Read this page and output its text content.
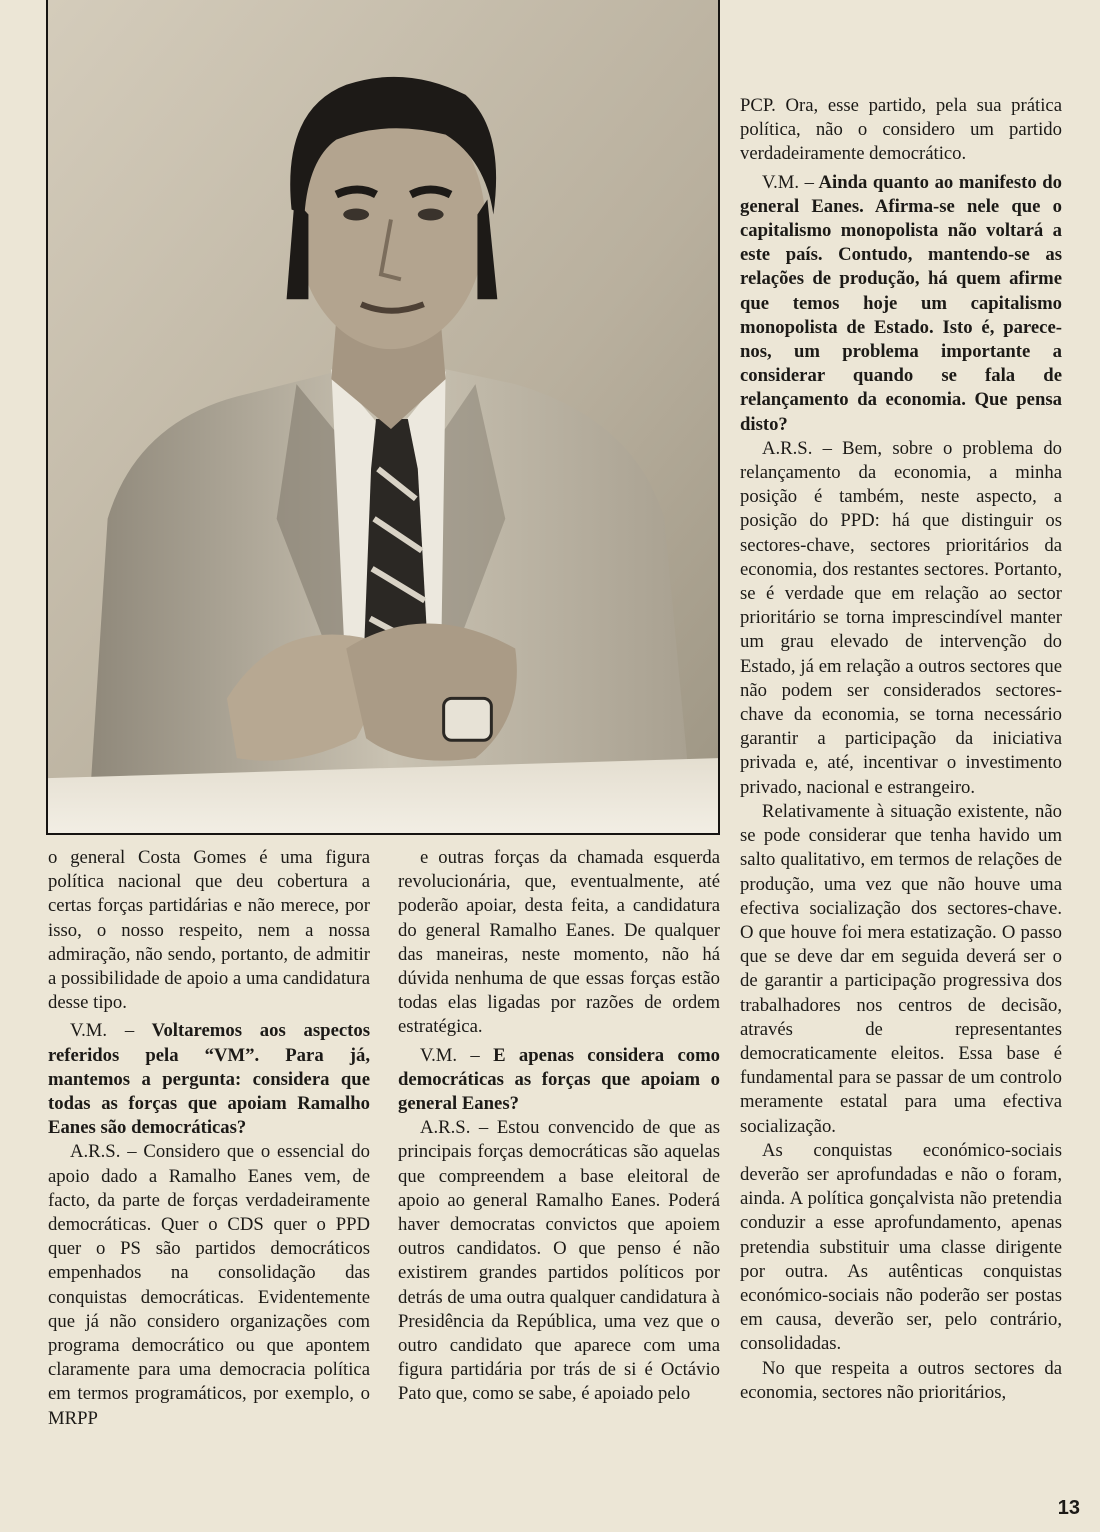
o general Costa Gomes é uma figura política nacional que deu cobertura a certas forças partidárias e não merece, por isso, o nosso respeito, nem a nossa admiração, não sendo, portanto, de admitir a possibilidade de apoio a uma candidatura desse tipo.

V.M. – Voltaremos aos aspectos referidos pela “VM”. Para já, mantemos a pergunta: considera que todas as forças que apoiam Ramalho Eanes são democráticas?

A.R.S. – Considero que o essencial do apoio dado a Ramalho Eanes vem, de facto, da parte de forças verdadeiramente democráticas. Quer o CDS quer o PPD quer o PS são partidos democráticos empenhados na consolidação das conquistas democráticas. Evidentemente que já não considero organizações com programa democrático ou que apontem claramente para uma democracia política em termos programáticos, por exemplo, o MRPP

e outras forças da chamada esquerda revolucionária, que, eventualmente, até poderão apoiar, desta feita, a candidatura do general Ramalho Eanes. De qualquer das maneiras, neste momento, não há dúvida nenhuma de que essas forças estão todas elas ligadas por razões de ordem estratégica.

V.M. – E apenas considera como democráticas as forças que apoiam o general Eanes?

A.R.S. – Estou convencido de que as principais forças democráticas são aquelas que compreendem a base eleitoral de apoio ao general Ramalho Eanes. Poderá haver democratas convictos que apoiem outros candidatos. O que penso é não existirem grandes partidos políticos por detrás de uma outra qualquer candidatura à Presidência da República, uma vez que o outro candidato que aparece com uma figura partidária por trás de si é Octávio Pato que, como se sabe, é apoiado pelo

PCP. Ora, esse partido, pela sua prática política, não o considero um partido verdadeiramente democrático.

V.M. – Ainda quanto ao manifesto do general Eanes. Afirma-se nele que o capitalismo monopolista não voltará a este país. Contudo, mantendo-se as relações de produção, há quem afirme que temos hoje um capitalismo monopolista de Estado. Isto é, parece-nos, um problema importante a considerar quando se fala de relançamento da economia. Que pensa disto?

A.R.S. – Bem, sobre o problema do relançamento da economia, a minha posição é também, neste aspecto, a posição do PPD: há que distinguir os sectores-chave, sectores prioritários da economia, dos restantes sectores. Portanto, se é verdade que em relação ao sector prioritário se torna imprescindível manter um grau elevado de intervenção do Estado, já em relação a outros sectores que não podem ser considerados sectores-chave da economia, se torna necessário garantir a participação da iniciativa privada e, até, incentivar o investimento privado, nacional e estrangeiro.

Relativamente à situação existente, não se pode considerar que tenha havido um salto qualitativo, em termos de relações de produção, uma vez que não houve uma efectiva socialização dos sectores-chave. O que houve foi mera estatização. O passo que se deve dar em seguida deverá ser o de garantir a participação progressiva dos trabalhadores nos centros de decisão, através de representantes democraticamente eleitos. Essa base é fundamental para se passar de um controlo meramente estatal para uma efectiva socialização.

As conquistas económico-sociais deverão ser aprofundadas e não o foram, ainda. A política gonçalvista não pretendia conduzir a esse aprofundamento, apenas pretendia substituir uma classe dirigente por outra. As autênticas conquistas económico-sociais não poderão ser postas em causa, deverão ser, pelo contrário, consolidadas.

No que respeita a outros sectores da economia, sectores não prioritários,

13
